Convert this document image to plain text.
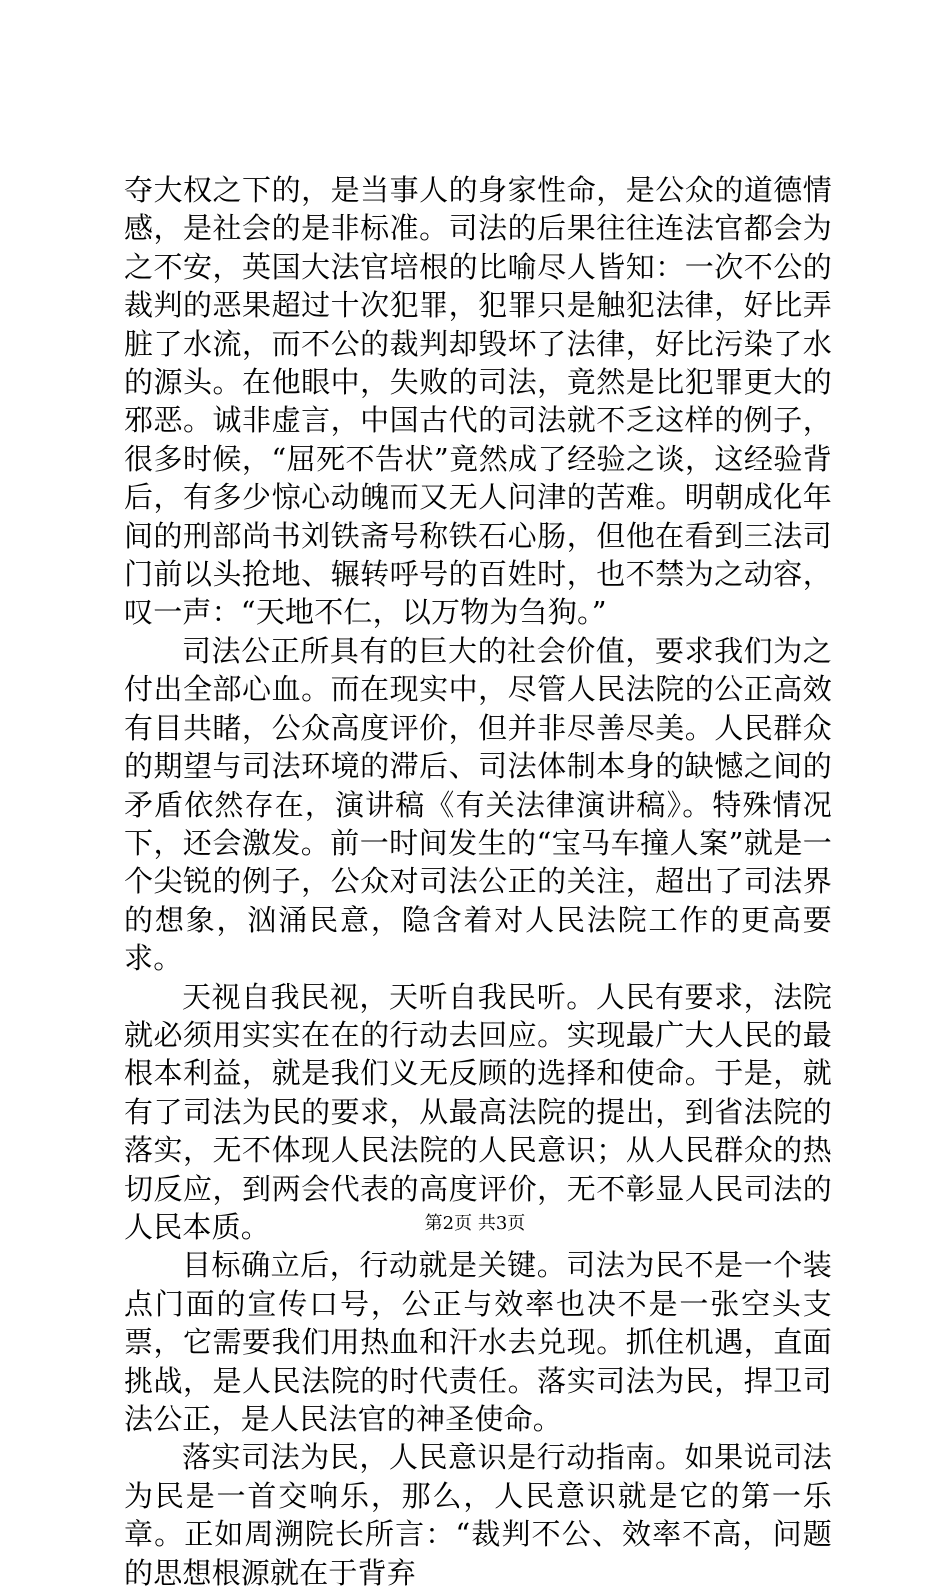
夺大权之下的，是当事人的身家性命，是公众的道德情感，是社会的是非标准。司法的后果往往连法官都会为之不安，英国大法官培根的比喻尽人皆知：一次不公的裁判的恶果超过十次犯罪，犯罪只是触犯法律，好比弄脏了水流，而不公的裁判却毁坏了法律，好比污染了水的源头。在他眼中，失败的司法，竟然是比犯罪更大的邪恶。诚非虚言，中国古代的司法就不乏这样的例子，很多时候，“屈死不告状”竟然成了经验之谈，这经验背后，有多少惊心动魄而又无人问津的苦难。明朝成化年间的刑部尚书刘铁斋号称铁石心肠，但他在看到三法司门前以头抢地、辗转呼号的百姓时，也不禁为之动容，叹一声：“天地不仁，以万物为刍狗。”

司法公正所具有的巨大的社会价值，要求我们为之付出全部心血。而在现实中，尽管人民法院的公正高效有目共睹，公众高度评价，但并非尽善尽美。人民群众的期望与司法环境的滞后、司法体制本身的缺憾之间的矛盾依然存在，演讲稿《有关法律演讲稿》。特殊情况下，还会激发。前一时间发生的“宝马车撞人案”就是一个尖锐的例子，公众对司法公正的关注，超出了司法界的想象，汹涌民意，隐含着对人民法院工作的更高要求。

天视自我民视，天听自我民听。人民有要求，法院就必须用实实在在的行动去回应。实现最广大人民的最根本利益，就是我们义无反顾的选择和使命。于是，就有了司法为民的要求，从最高法院的提出，到省法院的落实，无不体现人民法院的人民意识；从人民群众的热切反应，到两会代表的高度评价，无不彰显人民司法的人民本质。

目标确立后，行动就是关键。司法为民不是一个装点门面的宣传口号，公正与效率也决不是一张空头支票，它需要我们用热血和汗水去兑现。抓住机遇，直面挑战，是人民法院的时代责任。落实司法为民，捍卫司法公正，是人民法官的神圣使命。

落实司法为民，人民意识是行动指南。如果说司法为民是一首交响乐，那么，人民意识就是它的第一乐章。正如周溯院长所言：“裁判不公、效率不高，问题的思想根源就在于背弃

第2页 共3页
